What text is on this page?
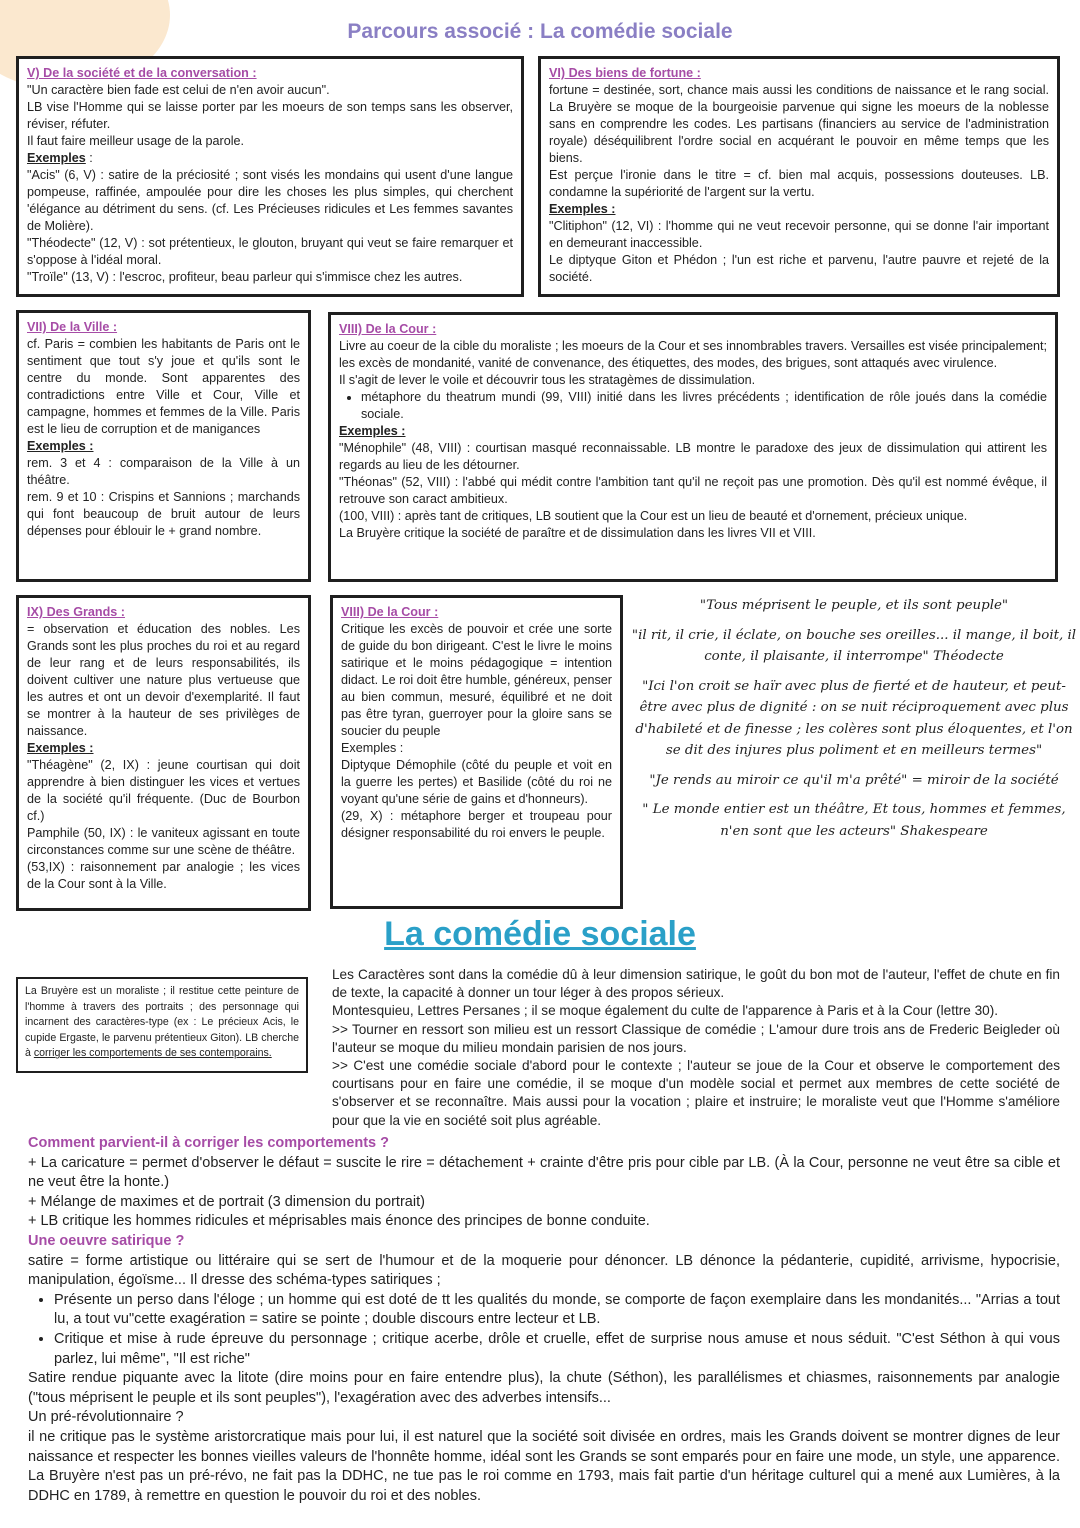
Parcours associé : La comédie sociale

V) De la société et de la conversation :

"Un caractère bien fade est celui de n'en avoir aucun".

LB vise l'Homme qui se laisse porter par les moeurs de son temps sans les observer, réviser, réfuter.

Il faut faire meilleur usage de la parole.

Exemples :

"Acis" (6, V) : satire de la préciosité ; sont visés les mondains qui usent d'une langue pompeuse, raffinée, ampoulée pour dire les choses les plus simples, qui cherchent 'élégance au détriment du sens. (cf. Les Précieuses ridicules et Les femmes savantes de Molière).

"Théodecte" (12, V) : sot prétentieux, le glouton, bruyant qui veut se faire remarquer et s'oppose à l'idéal moral.

"Troïle" (13, V) : l'escroc, profiteur, beau parleur qui s'immisce chez les autres.

VI) Des biens de fortune :

fortune = destinée, sort, chance mais aussi les conditions de naissance et le rang social. La Bruyère se moque de la bourgeoisie parvenue qui signe les moeurs de la noblesse sans en comprendre les codes. Les partisans (financiers au service de l'administration royale) déséquilibrent l'ordre social en acquérant le pouvoir en même temps que les biens.

Est perçue l'ironie dans le titre = cf. bien mal acquis, possessions douteuses. LB. condamne la supériorité de l'argent sur la vertu.

Exemples :

"Clitiphon" (12, VI) : l'homme qui ne veut recevoir personne, qui se donne l'air important en demeurant inaccessible.

Le diptyque Giton et Phédon ; l'un est riche et parvenu, l'autre pauvre et rejeté de la société.

VII) De la Ville :

cf. Paris = combien les habitants de Paris ont le sentiment que tout s'y joue et qu'ils sont le centre du monde. Sont apparentes des contradictions entre Ville et Cour, Ville et campagne, hommes et femmes de la Ville. Paris est le lieu de corruption et de manigances

Exemples :

rem. 3 et 4 : comparaison de la Ville à un théâtre.

rem. 9 et 10 : Crispins et Sannions ; marchands qui font beaucoup de bruit autour de leurs dépenses pour éblouir le + grand nombre.

VIII) De la Cour :

Livre au coeur de la cible du moraliste ; les moeurs de la Cour et ses innombrables travers. Versailles est visée principalement; les excès de mondanité, vanité de convenance, des étiquettes, des modes, des brigues, sont attaqués avec virulence.

Il s'agit de lever le voile et découvrir tous les stratagèmes de dissimulation.

• métaphore du theatrum mundi (99, VIII) initié dans les livres précédents ; identification de rôle joués dans la comédie sociale.

Exemples :

"Ménophile" (48, VIII) : courtisan masqué reconnaissable. LB montre le paradoxe des jeux de dissimulation qui attirent les regards au lieu de les détourner.

"Théonas" (52, VIII) : l'abbé qui médit contre l'ambition tant qu'il ne reçoit pas une promotion. Dès qu'il est nommé évêque, il retrouve son caract ambitieux.

(100, VIII) : après tant de critiques, LB soutient que la Cour est un lieu de beauté et d'ornement, précieux unique.

La Bruyère critique la société de paraître et de dissimulation dans les livres VII et VIII.

IX) Des Grands :

= observation et éducation des nobles. Les Grands sont les plus proches du roi et au regard de leur rang et de leurs responsabilités, ils doivent cultiver une nature plus vertueuse que les autres et ont un devoir d'exemplarité. Il faut se montrer à la hauteur de ses privilèges de naissance.

Exemples :

"Théagène" (2, IX) : jeune courtisan qui doit apprendre à bien distinguer les vices et vertues de la société qu'il fréquente. (Duc de Bourbon cf.)

Pamphile (50, IX) : le vaniteux agissant en toute circonstances comme sur une scène de théâtre.

(53,IX) : raisonnement par analogie ; les vices de la Cour sont à la Ville.

VIII) De la Cour :

Critique les excès de pouvoir et crée une sorte de guide du bon dirigeant. C'est le livre le moins satirique et le moins pédagogique = intention didact. Le roi doit être humble, généreux, penser au bien commun, mesuré, équilibré et ne doit pas être tyran, guerroyer pour la gloire sans se soucier du peuple

Exemples :

Diptyque Démophile (côté du peuple et voit en la guerre les pertes) et Basilide (côté du roi ne voyant qu'une série de gains et d'honneurs).

(29, X) : métaphore berger et troupeau pour désigner responsabilité du roi envers le peuple.

"Tous méprisent le peuple, et ils sont peuple"

"il rit, il crie, il éclate, on bouche ses oreilles... il mange, il boit, il conte, il plaisante, il interrompe" Théodecte

"Ici l'on croit se haïr avec plus de fierté et de hauteur, et peut-être avec plus de dignité : on se nuit réciproquement avec plus d'habileté et de finesse ; les colères sont plus éloquentes, et l'on se dit des injures plus poliment et en meilleurs termes"

"Je rends au miroir ce qu'il m'a prêté" = miroir de la société

" Le monde entier est un théâtre, Et tous, hommes et femmes, n'en sont que les acteurs" Shakespeare

La comédie sociale
La Bruyère est un moraliste ; il restitue cette peinture de l'homme à travers des portraits ; des personnage qui incarnent des caractères-type (ex : Le précieux Acis, le cupide Ergaste, le parvenu prétentieux Giton). LB cherche à corriger les comportements de ses contemporains.

Les Caractères sont dans la comédie dû à leur dimension satirique, le goût du bon mot de l'auteur, l'effet de chute en fin de texte, la capacité à donner un tour léger à des propos sérieux.

Montesquieu, Lettres Persanes ; il se moque également du culte de l'apparence à Paris et à la Cour (lettre 30).

>> Tourner en ressort son milieu est un ressort Classique de comédie ; L'amour dure trois ans de Frederic Beigleder où l'auteur se moque du milieu mondain parisien de nos jours.

>> C'est une comédie sociale d'abord pour le contexte ; l'auteur se joue de la Cour et observe le comportement des courtisans pour en faire une comédie, il se moque d'un modèle social et permet aux membres de cette société de s'observer et se reconnaître. Mais aussi pour la vocation ; plaire et instruire; le moraliste veut que l'Homme s'améliore pour que la vie en société soit plus agréable.

Comment parvient-il à corriger les comportements ?

+ La caricature = permet d'observer le défaut = suscite le rire = détachement + crainte d'être pris pour cible par LB. (À la Cour, personne ne veut être sa cible et ne veut être la honte.)

+ Mélange de maximes et de portrait (3 dimension du portrait)

+ LB critique les hommes ridicules et méprisables mais énonce des principes de bonne conduite.

Une oeuvre satirique ?

satire = forme artistique ou littéraire qui se sert de l'humour et de la moquerie pour dénoncer. LB dénonce la pédanterie, cupidité, arrivisme, hypocrisie, manipulation, égoïsme... Il dresse des schéma-types satiriques ;

• Présente un perso dans l'éloge ; un homme qui est doté de tt les qualités du monde, se comporte de façon exemplaire dans les mondanités... "Arrias a tout lu, a tout vu"cette exagération = satire se pointe ; double discours entre lecteur et LB.
• Critique et mise à rude épreuve du personnage ; critique acerbe, drôle et cruelle, effet de surprise nous amuse et nous séduit. "C'est Séthon à qui vous parlez, lui même", "Il est riche"

Satire rendue piquante avec la litote (dire moins pour en faire entendre plus), la chute (Séthon), les parallélismes et chiasmes, raisonnements par analogie ("tous méprisent le peuple et ils sont peuples"), l'exagération avec des adverbes intensifs...

Un pré-révolutionnaire ?

il ne critique pas le système aristorcratique mais pour lui, il est naturel que la société soit divisée en ordres, mais les Grands doivent se montrer dignes de leur naissance et respecter les bonnes vieilles valeurs de l'honnête homme, idéal sont les Grands se sont emparés pour en faire une mode, un style, une apparence. La Bruyère n'est pas un pré-révo, ne fait pas la DDHC, ne tue pas le roi comme en 1793, mais fait partie d'un héritage culturel qui a mené aux Lumières, à la DDHC en 1789, à remettre en question le pouvoir du roi et des nobles.
